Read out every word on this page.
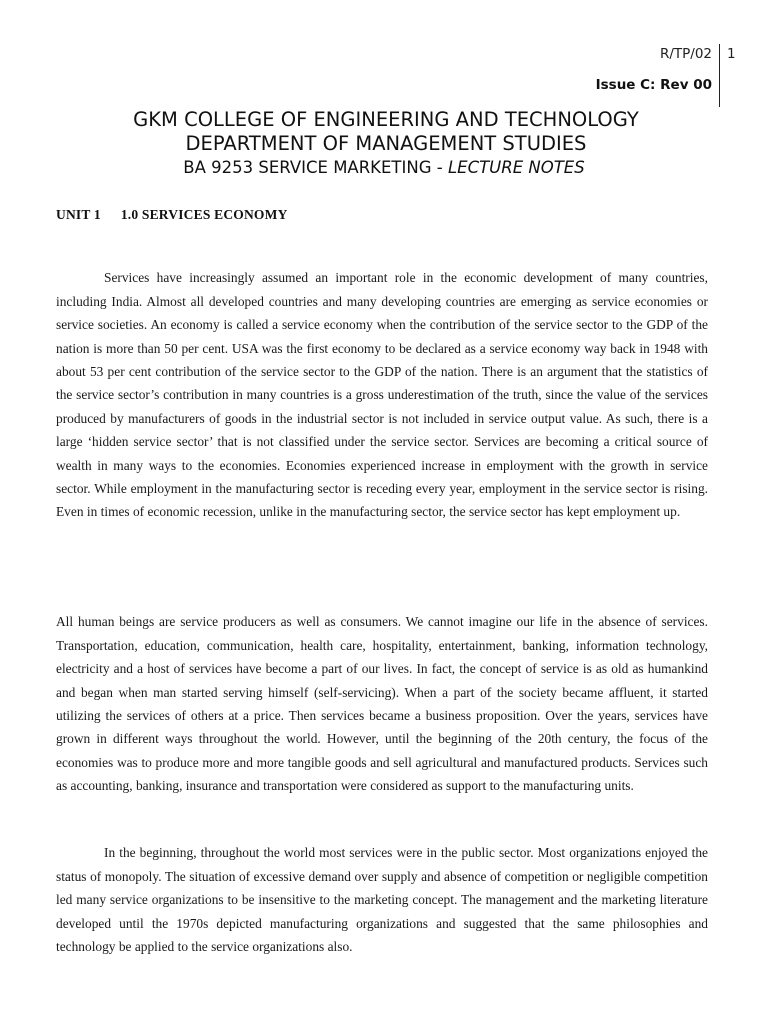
R/TP/02 1
Issue C: Rev 00
GKM COLLEGE OF ENGINEERING AND TECHNOLOGY
DEPARTMENT OF MANAGEMENT STUDIES
BA 9253 SERVICE MARKETING - LECTURE NOTES
UNIT 1 1.0 SERVICES ECONOMY

Services have increasingly assumed an important role in the economic development of many countries, including India. Almost all developed countries and many developing countries are emerging as service economies or service societies. An economy is called a service economy when the contribution of the service sector to the GDP of the nation is more than 50 per cent. USA was the first economy to be declared as a service economy way back in 1948 with about 53 per cent contribution of the service sector to the GDP of the nation. There is an argument that the statistics of the service sector’s contribution in many countries is a gross underestimation of the truth, since the value of the services produced by manufacturers of goods in the industrial sector is not included in service output value. As such, there is a large ‘hidden service sector’ that is not classified under the service sector. Services are becoming a critical source of wealth in many ways to the economies. Economies experienced increase in employment with the growth in service sector. While employment in the manufacturing sector is receding every year, employment in the service sector is rising. Even in times of economic recession, unlike in the manufacturing sector, the service sector has kept employment up.

All human beings are service producers as well as consumers. We cannot imagine our life in the absence of services. Transportation, education, communication, health care, hospitality, entertainment, banking, information technology, electricity and a host of services have become a part of our lives. In fact, the concept of service is as old as humankind and began when man started serving himself (self-servicing). When a part of the society became affluent, it started utilizing the services of others at a price. Then services became a business proposition. Over the years, services have grown in different ways throughout the world. However, until the beginning of the 20th century, the focus of the economies was to produce more and more tangible goods and sell agricultural and manufactured products. Services such as accounting, banking, insurance and transportation were considered as support to the manufacturing units.

In the beginning, throughout the world most services were in the public sector. Most organizations enjoyed the status of monopoly. The situation of excessive demand over supply and absence of competition or negligible competition led many service organizations to be insensitive to the marketing concept. The management and the marketing literature developed until the 1970s depicted manufacturing organizations and suggested that the same philosophies and technology be applied to the service organizations also.
